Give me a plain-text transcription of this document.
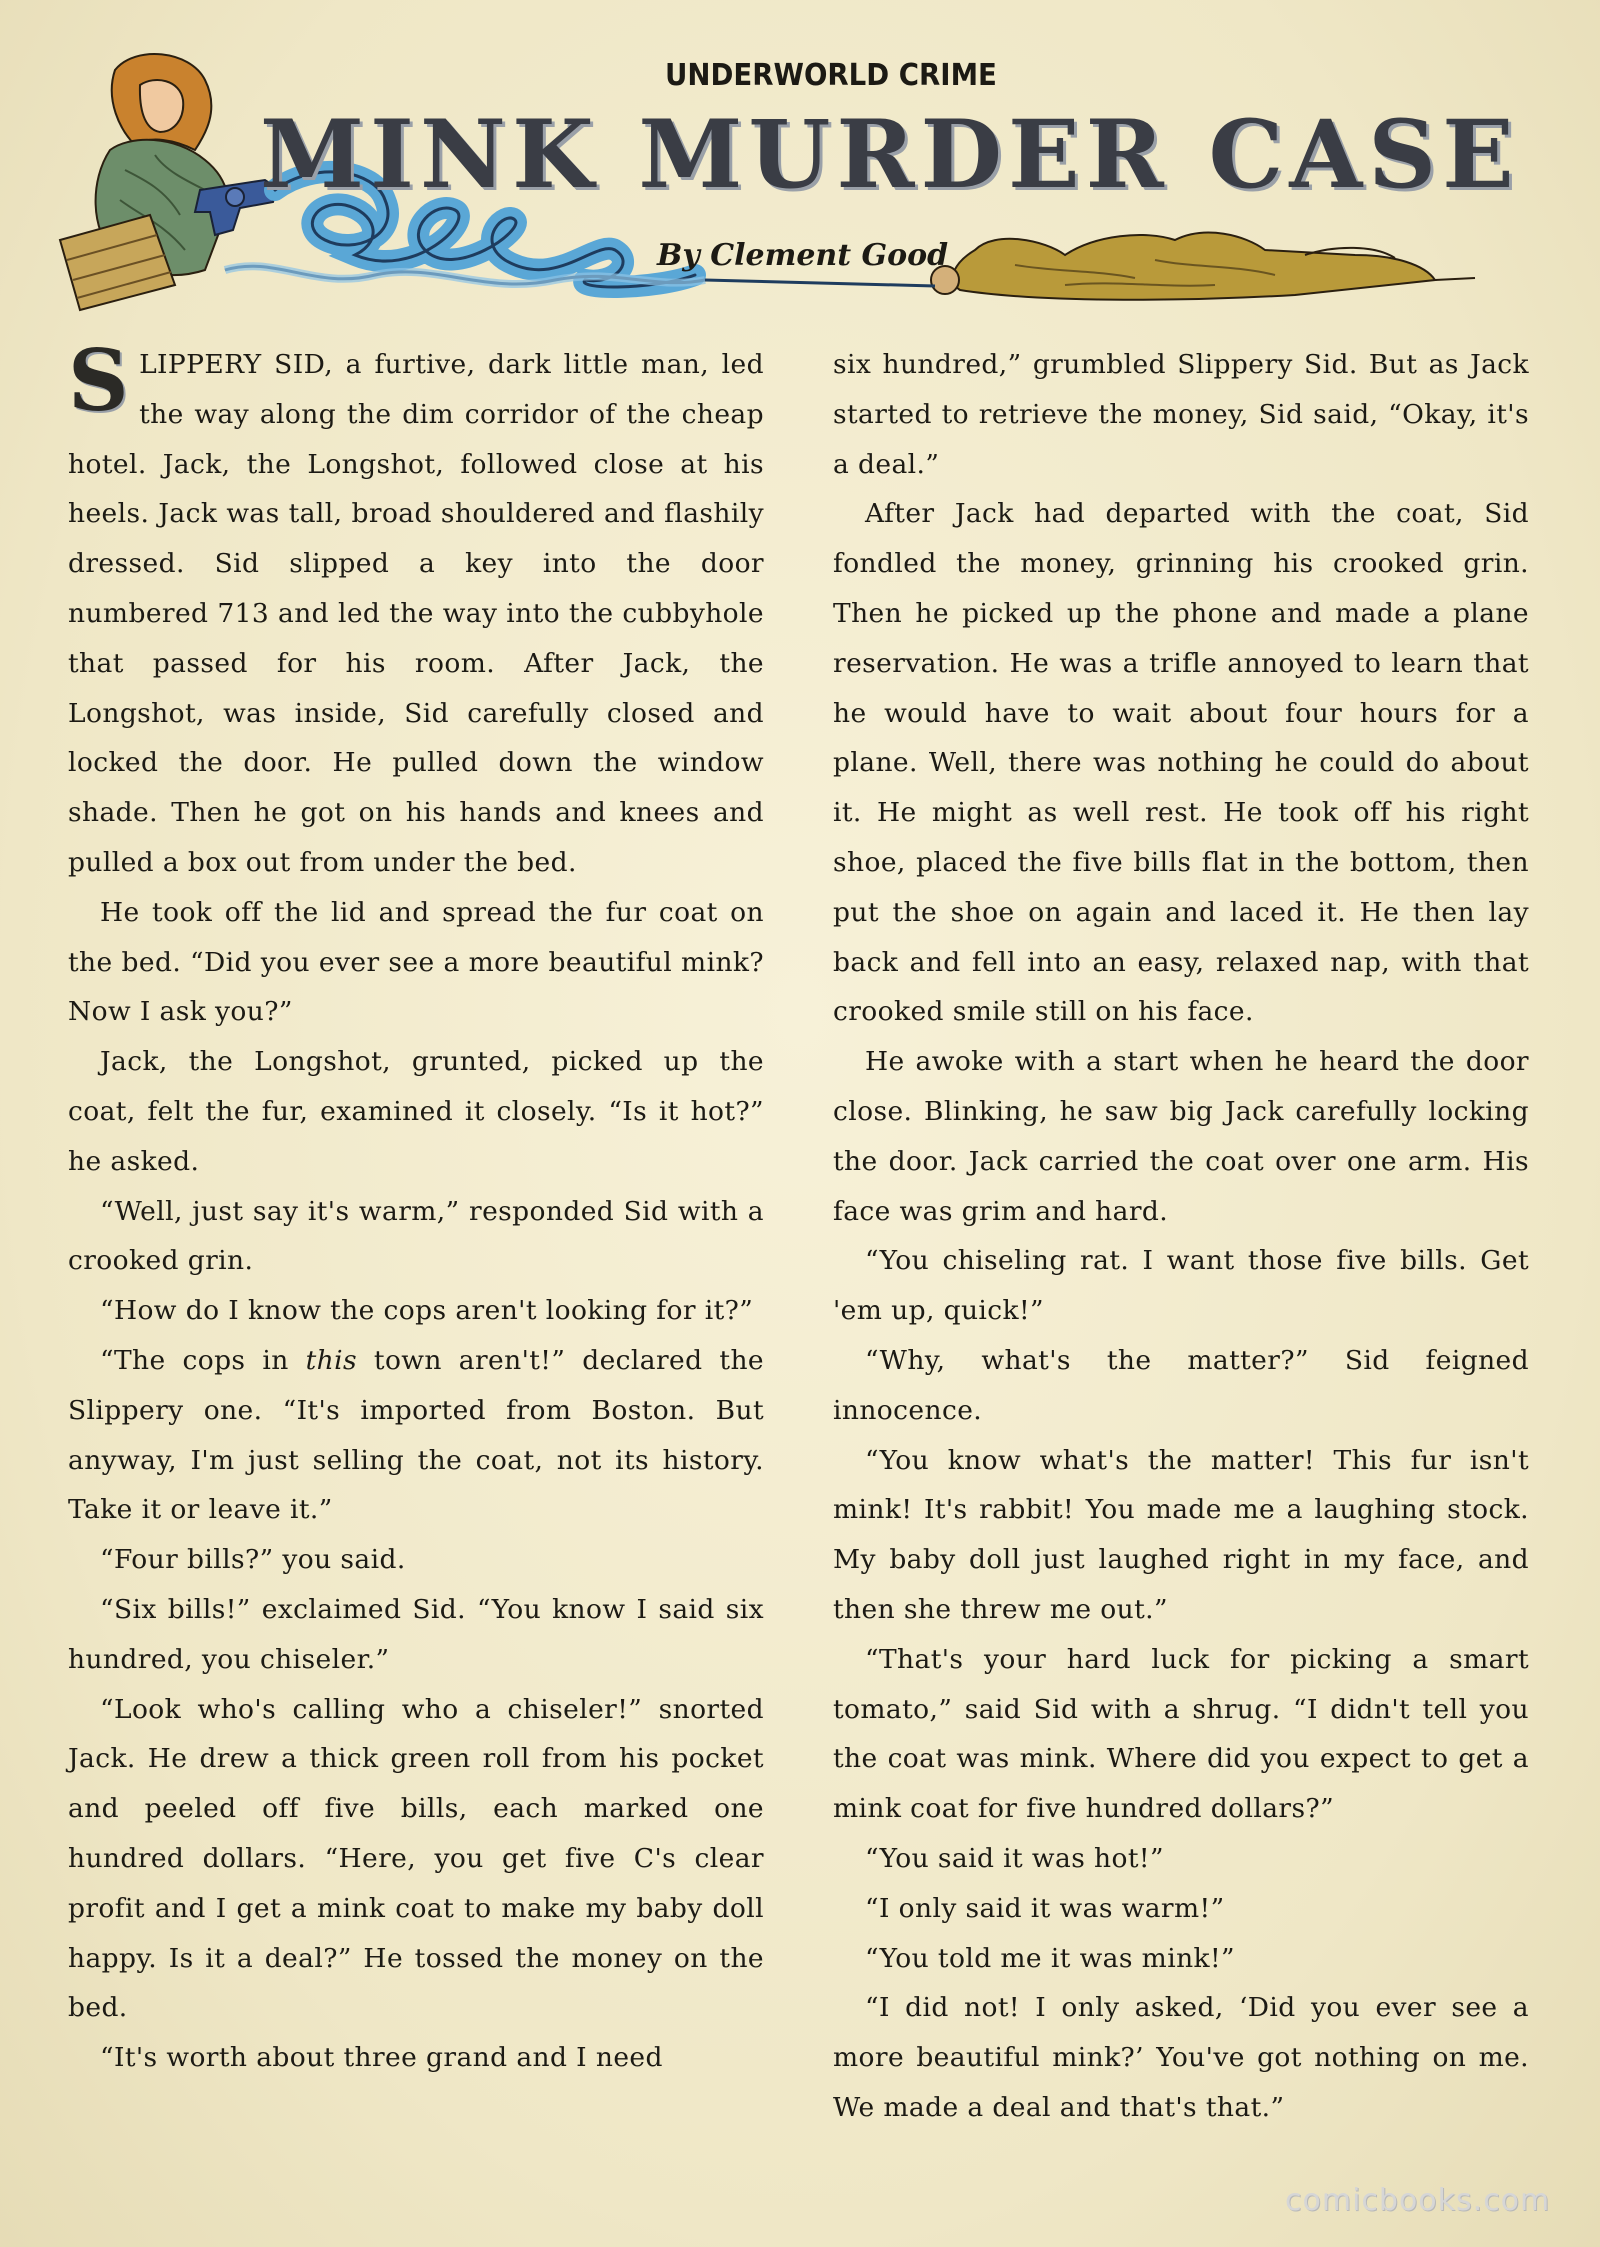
UNDERWORLD CRIME
MINK MURDER CASE
By Clement Good

SLIPPERY SID, a furtive, dark little man, led the way along the dim corridor of the cheap hotel. Jack, the Longshot, followed close at his heels. Jack was tall, broad shouldered and flashily dressed. Sid slipped a key into the door numbered 713 and led the way into the cubbyhole that passed for his room. After Jack, the Longshot, was inside, Sid carefully closed and locked the door. He pulled down the window shade. Then he got on his hands and knees and pulled a box out from under the bed.

He took off the lid and spread the fur coat on the bed. “Did you ever see a more beautiful mink? Now I ask you?”

Jack, the Longshot, grunted, picked up the coat, felt the fur, examined it closely. “Is it hot?” he asked.

“Well, just say it's warm,” responded Sid with a crooked grin.

“How do I know the cops aren't looking for it?”

“The cops in this town aren't!” declared the Slippery one. “It's imported from Boston. But anyway, I'm just selling the coat, not its history. Take it or leave it.”

“Four bills?” you said.

“Six bills!” exclaimed Sid. “You know I said six hundred, you chiseler.”

“Look who's calling who a chiseler!” snorted Jack. He drew a thick green roll from his pocket and peeled off five bills, each marked one hundred dollars. “Here, you get five C's clear profit and I get a mink coat to make my baby doll happy. Is it a deal?” He tossed the money on the bed.

“It's worth about three grand and I need

six hundred,” grumbled Slippery Sid. But as Jack started to retrieve the money, Sid said, “Okay, it's a deal.”

After Jack had departed with the coat, Sid fondled the money, grinning his crooked grin. Then he picked up the phone and made a plane reservation. He was a trifle annoyed to learn that he would have to wait about four hours for a plane. Well, there was nothing he could do about it. He might as well rest. He took off his right shoe, placed the five bills flat in the bottom, then put the shoe on again and laced it. He then lay back and fell into an easy, relaxed nap, with that crooked smile still on his face.

He awoke with a start when he heard the door close. Blinking, he saw big Jack carefully locking the door. Jack carried the coat over one arm. His face was grim and hard.

“You chiseling rat. I want those five bills. Get 'em up, quick!”

“Why, what's the matter?” Sid feigned innocence.

“You know what's the matter! This fur isn't mink! It's rabbit! You made me a laughing stock. My baby doll just laughed right in my face, and then she threw me out.”

“That's your hard luck for picking a smart tomato,” said Sid with a shrug. “I didn't tell you the coat was mink. Where did you expect to get a mink coat for five hundred dollars?”

“You said it was hot!”

“I only said it was warm!”

“You told me it was mink!”

“I did not! I only asked, ‘Did you ever see a more beautiful mink?’ You've got nothing on me. We made a deal and that's that.”

comicbooks.com
